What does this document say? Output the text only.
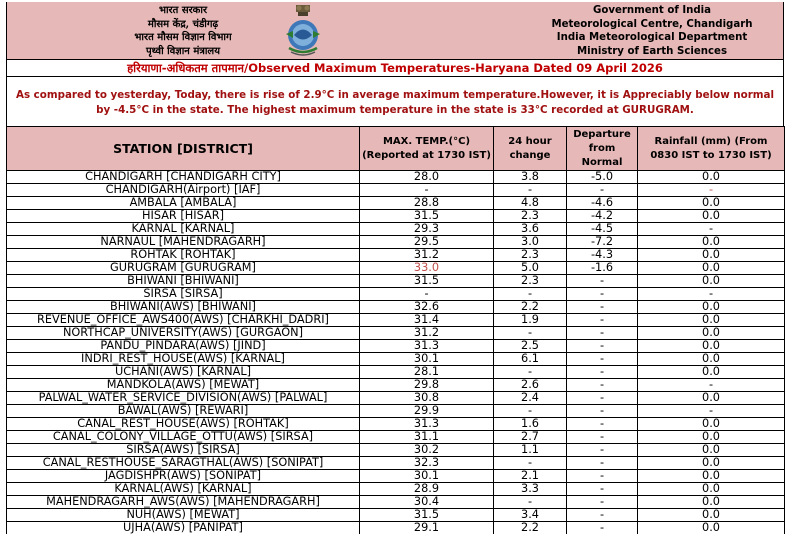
भारत सरकार
मौसम केंद्र, चंडीगढ़
भारत मौसम विज्ञान विभाग
पृथ्वी विज्ञान मंत्रालय
Government of India
Meteorological Centre, Chandigarh
India Meteorological Department
Ministry of Earth Sciences
हरियाणा-अधिकतम तापमान/Observed Maximum Temperatures-Haryana Dated 09 April 2026
As compared to yesterday, Today, there is rise of 2.9°C in average maximum temperature.However, it is Appreciably below normal by -4.5°C in the state. The highest maximum temperature in the state is 33°C recorded at GURUGRAM.
STATION [DISTRICT]	MAX. TEMP.(°C) (Reported at 1730 IST)	24 hour change	Departure from Normal	Rainfall (mm) (From 0830 IST to 1730 IST)
CHANDIGARH [CHANDIGARH CITY]	28.0	3.8	-5.0	0.0
CHANDIGARH(Airport) [IAF]	-	-	-	-
AMBALA [AMBALA]	28.8	4.8	-4.6	0.0
HISAR [HISAR]	31.5	2.3	-4.2	0.0
KARNAL [KARNAL]	29.3	3.6	-4.5	-
NARNAUL [MAHENDRAGARH]	29.5	3.0	-7.2	0.0
ROHTAK [ROHTAK]	31.2	2.3	-4.3	0.0
GURUGRAM [GURUGRAM]	33.0	5.0	-1.6	0.0
BHIWANI [BHIWANI]	31.5	2.3	-	0.0
SIRSA [SIRSA]	-	-	-	-
BHIWANI(AWS) [BHIWANI]	32.6	2.2	-	0.0
REVENUE_OFFICE_AWS400(AWS) [CHARKHI_DADRI]	31.4	1.9	-	0.0
NORTHCAP_UNIVERSITY(AWS) [GURGAON]	31.2	-	-	0.0
PANDU_PINDARA(AWS) [JIND]	31.3	2.5	-	0.0
INDRI_REST_HOUSE(AWS) [KARNAL]	30.1	6.1	-	0.0
UCHANI(AWS) [KARNAL]	28.1	-	-	0.0
MANDKOLA(AWS) [MEWAT]	29.8	2.6	-	-
PALWAL_WATER_SERVICE_DIVISION(AWS) [PALWAL]	30.8	2.4	-	0.0
BAWAL(AWS) [REWARI]	29.9	-	-	-
CANAL_REST_HOUSE(AWS) [ROHTAK]	31.3	1.6	-	0.0
CANAL_COLONY_VILLAGE_OTTU(AWS) [SIRSA]	31.1	2.7	-	0.0
SIRSA(AWS) [SIRSA]	30.2	1.1	-	0.0
CANAL_RESTHOUSE_SARAGTHAL(AWS) [SONIPAT]	32.3	-	-	0.0
JAGDISHPR(AWS) [SONIPAT]	30.1	2.1	-	0.0
KARNAL(AWS) [KARNAL]	28.9	3.3	-	0.0
MAHENDRAGARH_AWS(AWS) [MAHENDRAGARH]	30.4	-	-	0.0
NUH(AWS) [MEWAT]	31.5	3.4	-	0.0
UJHA(AWS) [PANIPAT]	29.1	2.2	-	0.0
